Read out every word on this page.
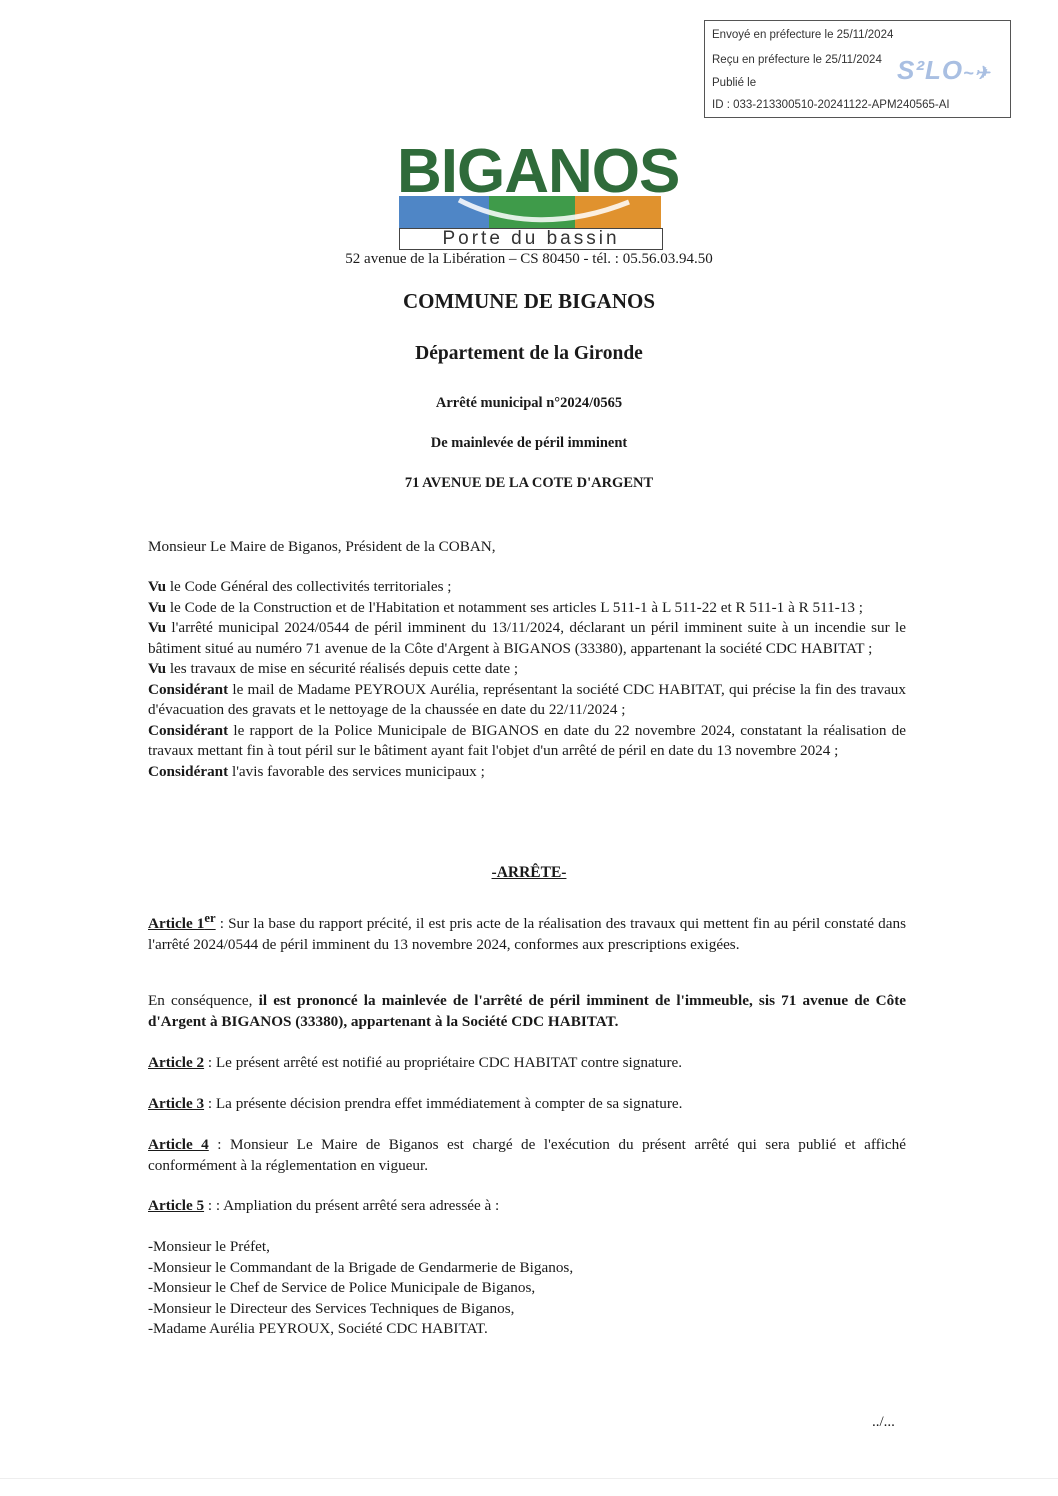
Envoyé en préfecture le 25/11/2024
Reçu en préfecture le 25/11/2024
Publié le
ID : 033-213300510-20241122-APM240565-AI
S²LO~✈
BIGANOS
Porte du bassin
52 avenue de la Libération – CS 80450 - tél. : 05.56.03.94.50
COMMUNE DE BIGANOS
Département de la Gironde
Arrêté municipal n°2024/0565
De mainlevée de péril imminent
71 AVENUE DE LA COTE D'ARGENT

Monsieur Le Maire de Biganos, Président de la COBAN,

Vu le Code Général des collectivités territoriales ;

Vu le Code de la Construction et de l'Habitation et notamment ses articles L 511-1 à L 511-22 et R 511-1 à R 511-13 ;

Vu l'arrêté municipal 2024/0544 de péril imminent du 13/11/2024, déclarant un péril imminent suite à un incendie sur le bâtiment situé au numéro 71 avenue de la Côte d'Argent à BIGANOS (33380), appartenant la société CDC HABITAT ;

Vu les travaux de mise en sécurité réalisés depuis cette date ;

Considérant le mail de Madame PEYROUX Aurélia, représentant la société CDC HABITAT, qui précise la fin des travaux d'évacuation des gravats et le nettoyage de la chaussée en date du 22/11/2024 ;

Considérant le rapport de la Police Municipale de BIGANOS en date du 22 novembre 2024, constatant la réalisation de travaux mettant fin à tout péril sur le bâtiment ayant fait l'objet d'un arrêté de péril en date du 13 novembre 2024 ;

Considérant l'avis favorable des services municipaux ;

-ARRÊTE-

Article 1er : Sur la base du rapport précité, il est pris acte de la réalisation des travaux qui mettent fin au péril constaté dans l'arrêté 2024/0544 de péril imminent du 13 novembre 2024, conformes aux prescriptions exigées.

En conséquence, il est prononcé la mainlevée de l'arrêté de péril imminent de l'immeuble, sis 71 avenue de Côte d'Argent à BIGANOS (33380), appartenant à la Société CDC HABITAT.

Article 2 : Le présent arrêté est notifié au propriétaire CDC HABITAT contre signature.

Article 3 : La présente décision prendra effet immédiatement à compter de sa signature.

Article 4 : Monsieur Le Maire de Biganos est chargé de l'exécution du présent arrêté qui sera publié et affiché conformément à la réglementation en vigueur.

Article 5 : : Ampliation du présent arrêté sera adressée à :

-Monsieur le Préfet,

-Monsieur le Commandant de la Brigade de Gendarmerie de Biganos,

-Monsieur le Chef de Service de Police Municipale de Biganos,

-Monsieur le Directeur des Services Techniques de Biganos,

-Madame Aurélia PEYROUX, Société CDC HABITAT.

../...
